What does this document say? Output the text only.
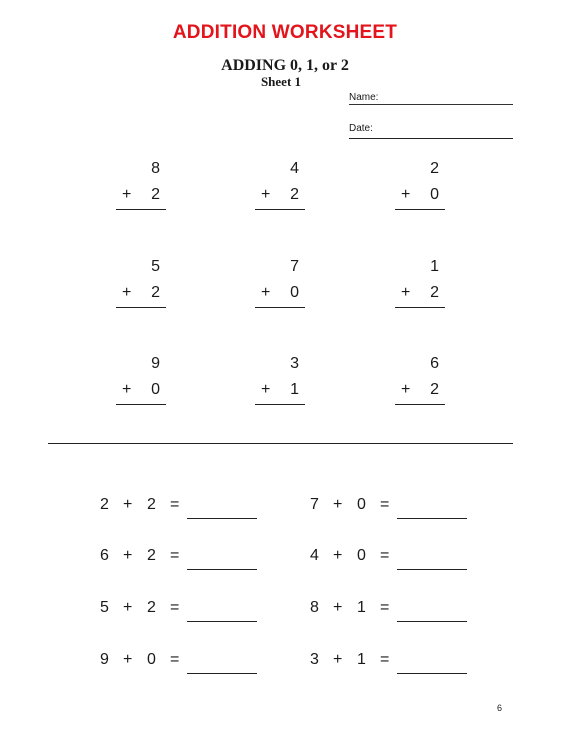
ADDITION WORKSHEET
ADDING 0, 1, or 2
Sheet 1
Name:
Date:
8
+ 2
4
+ 2
2
+ 0
5
+ 2
7
+ 0
1
+ 2
9
+ 0
3
+ 1
6
+ 2
2 + 2 =	7 + 0 =
6 + 2 =	4 + 0 =
5 + 2 =	8 + 1 =
9 + 0 =	3 + 1 =
6
